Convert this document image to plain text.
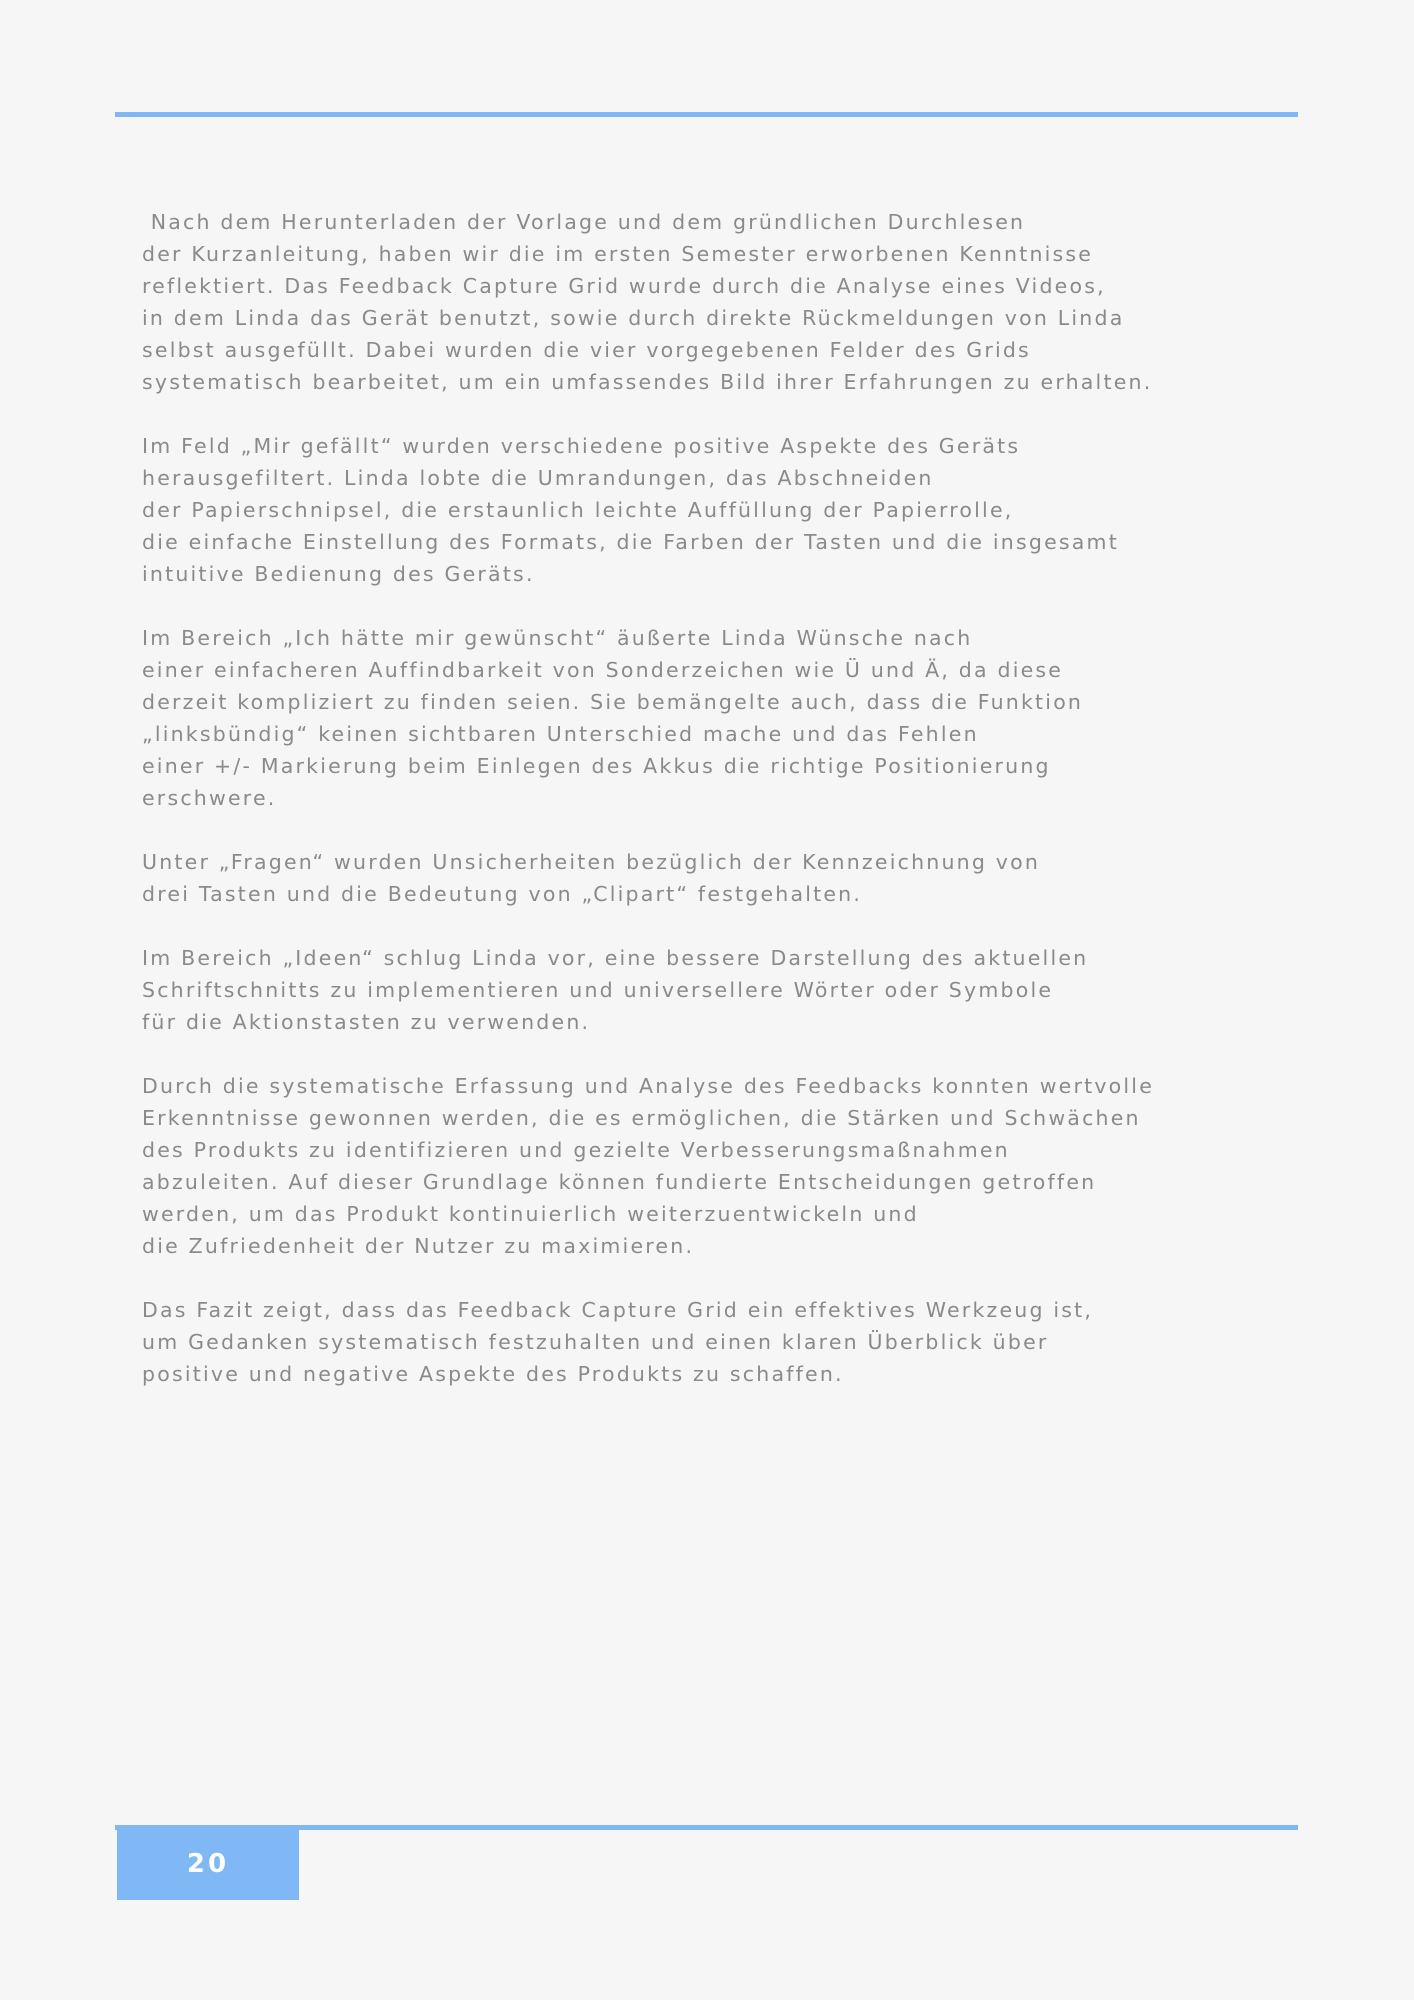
Nach dem Herunterladen der Vorlage und dem gründlichen Durchlesen
der Kurzanleitung, haben wir die im ersten Semester erworbenen Kenntnisse
reflektiert. Das Feedback Capture Grid wurde durch die Analyse eines Videos,
in dem Linda das Gerät benutzt, sowie durch direkte Rückmeldungen von Linda
selbst ausgefüllt. Dabei wurden die vier vorgegebenen Felder des Grids
systematisch bearbeitet, um ein umfassendes Bild ihrer Erfahrungen zu erhalten.
Im Feld „Mir gefällt“ wurden verschiedene positive Aspekte des Geräts
herausgefiltert. Linda lobte die Umrandungen, das Abschneiden
der Papierschnipsel, die erstaunlich leichte Auffüllung der Papierrolle,
die einfache Einstellung des Formats, die Farben der Tasten und die insgesamt
intuitive Bedienung des Geräts.
Im Bereich „Ich hätte mir gewünscht“ äußerte Linda Wünsche nach
einer einfacheren Auffindbarkeit von Sonderzeichen wie Ü und Ä, da diese
derzeit kompliziert zu finden seien. Sie bemängelte auch, dass die Funktion
„linksbündig“ keinen sichtbaren Unterschied mache und das Fehlen
einer +/- Markierung beim Einlegen des Akkus die richtige Positionierung
erschwere.
Unter „Fragen“ wurden Unsicherheiten bezüglich der Kennzeichnung von
drei Tasten und die Bedeutung von „Clipart“ festgehalten.
Im Bereich „Ideen“ schlug Linda vor, eine bessere Darstellung des aktuellen
Schriftschnitts zu implementieren und universellere Wörter oder Symbole
für die Aktionstasten zu verwenden.
Durch die systematische Erfassung und Analyse des Feedbacks konnten wertvolle
Erkenntnisse gewonnen werden, die es ermöglichen, die Stärken und Schwächen
des Produkts zu identifizieren und gezielte Verbesserungsmaßnahmen
abzuleiten. Auf dieser Grundlage können fundierte Entscheidungen getroffen
werden, um das Produkt kontinuierlich weiterzuentwickeln und
die Zufriedenheit der Nutzer zu maximieren.
Das Fazit zeigt, dass das Feedback Capture Grid ein effektives Werkzeug ist,
um Gedanken systematisch festzuhalten und einen klaren Überblick über
positive und negative Aspekte des Produkts zu schaffen.
20
